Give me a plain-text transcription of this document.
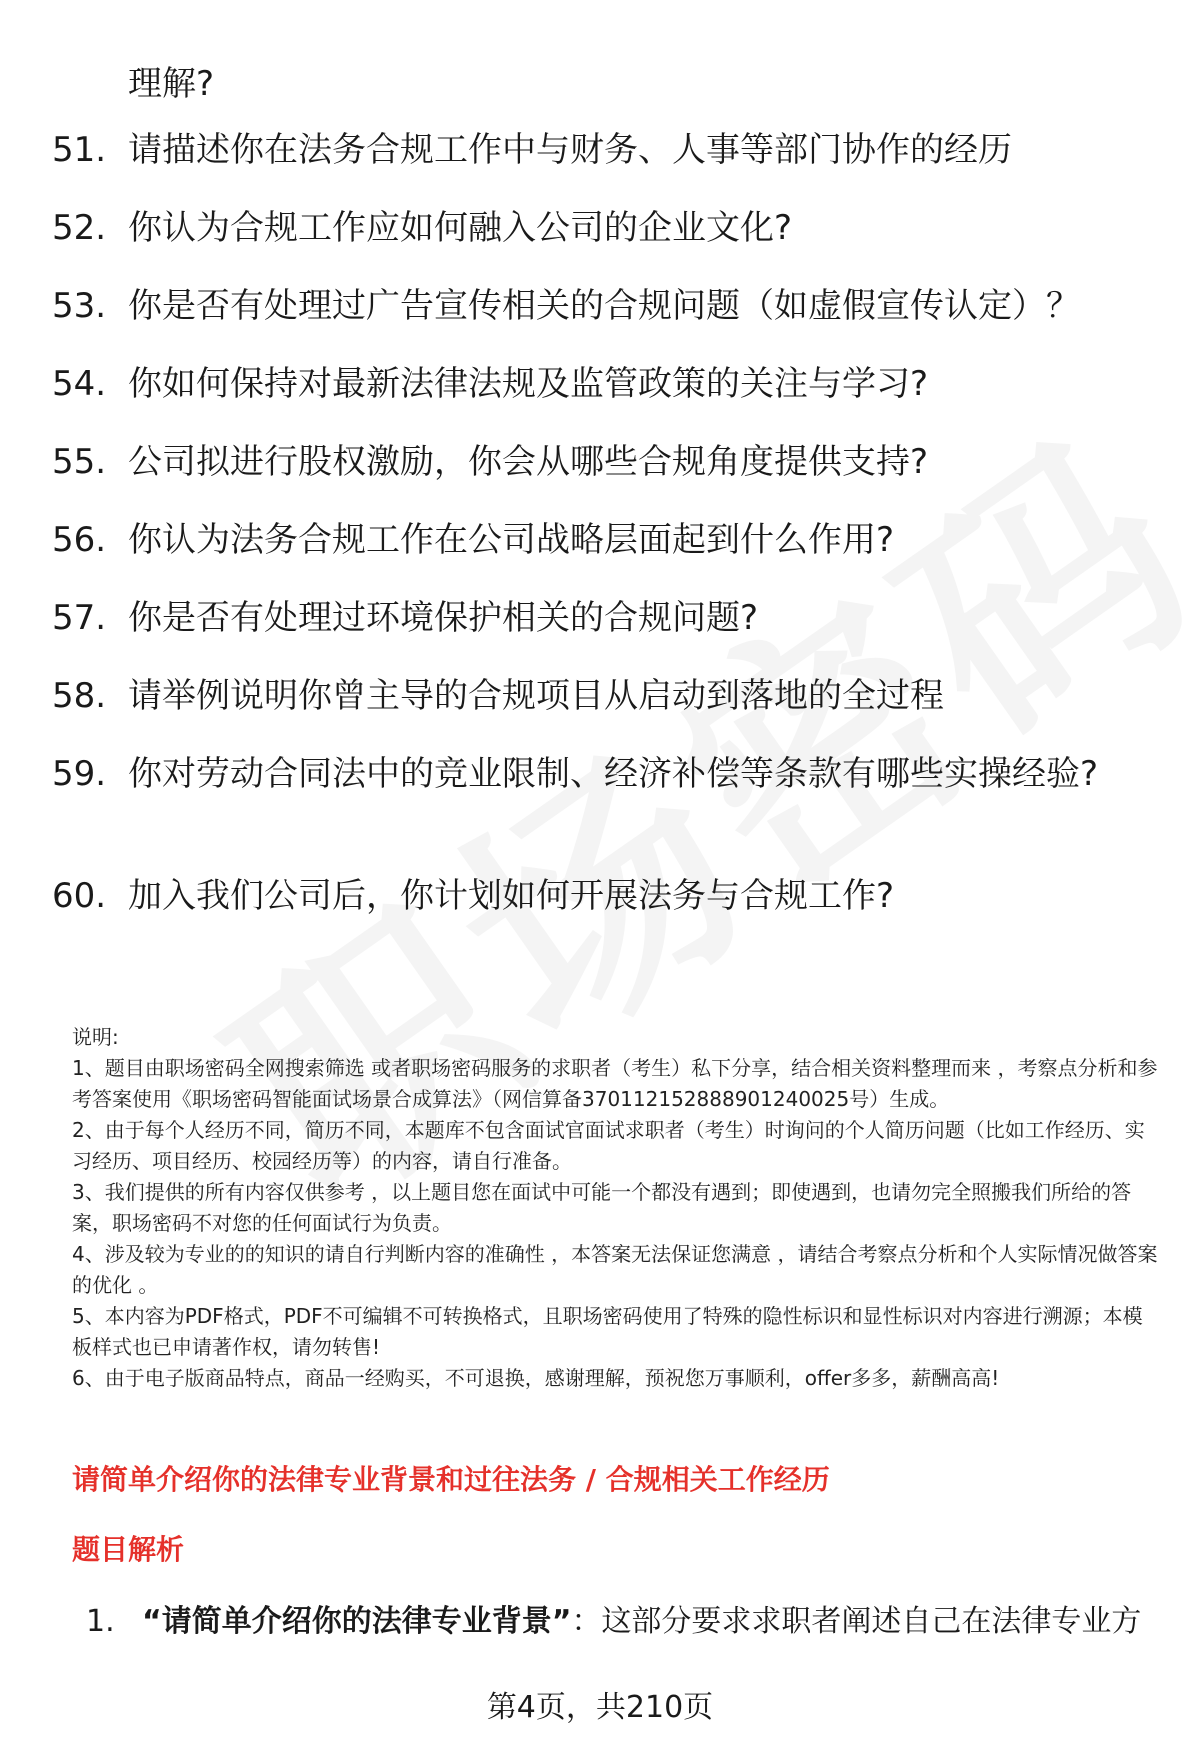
理解?
51. 请描述你在法务合规工作中与财务、人事等部门协作的经历
52. 你认为合规工作应如何融入公司的企业文化?
53. 你是否有处理过广告宣传相关的合规问题（如虚假宣传认定）？
54. 你如何保持对最新法律法规及监管政策的关注与学习?
55. 公司拟进行股权激励，你会从哪些合规角度提供支持?
56. 你认为法务合规工作在公司战略层面起到什么作用?
57. 你是否有处理过环境保护相关的合规问题?
58. 请举例说明你曾主导的合规项目从启动到落地的全过程
59. 你对劳动合同法中的竞业限制、经济补偿等条款有哪些实操经验?
60. 加入我们公司后，你计划如何开展法务与合规工作?

说明:

1、题目由职场密码全网搜索筛选 或者职场密码服务的求职者（考生）私下分享，结合相关资料整理而来 ，考察点分析和参考答案使用《职场密码智能面试场景合成算法》（网信算备370112152888901240025号）生成。

2、由于每个人经历不同，简历不同，本题库不包含面试官面试求职者（考生）时询问的个人简历问题（比如工作经历、实习经历、项目经历、校园经历等）的内容，请自行准备。

3、我们提供的所有内容仅供参考 ，以上题目您在面试中可能一个都没有遇到；即使遇到，也请勿完全照搬我们所给的答案，职场密码不对您的任何面试行为负责。

4、涉及较为专业的的知识的请自行判断内容的准确性 ，本答案无法保证您满意 ，请结合考察点分析和个人实际情况做答案的优化 。

5、本内容为PDF格式，PDF不可编辑不可转换格式，且职场密码使用了特殊的隐性标识和显性标识对内容进行溯源；本模板样式也已申请著作权，请勿转售!

6、由于电子版商品特点，商品一经购买，不可退换，感谢理解，预祝您万事顺利，offer多多，薪酬高高!

请简单介绍你的法律专业背景和过往法务 / 合规相关工作经历
题目解析
1. “请简单介绍你的法律专业背景”：这部分要求求职者阐述自己在法律专业方
第4页，共210页
